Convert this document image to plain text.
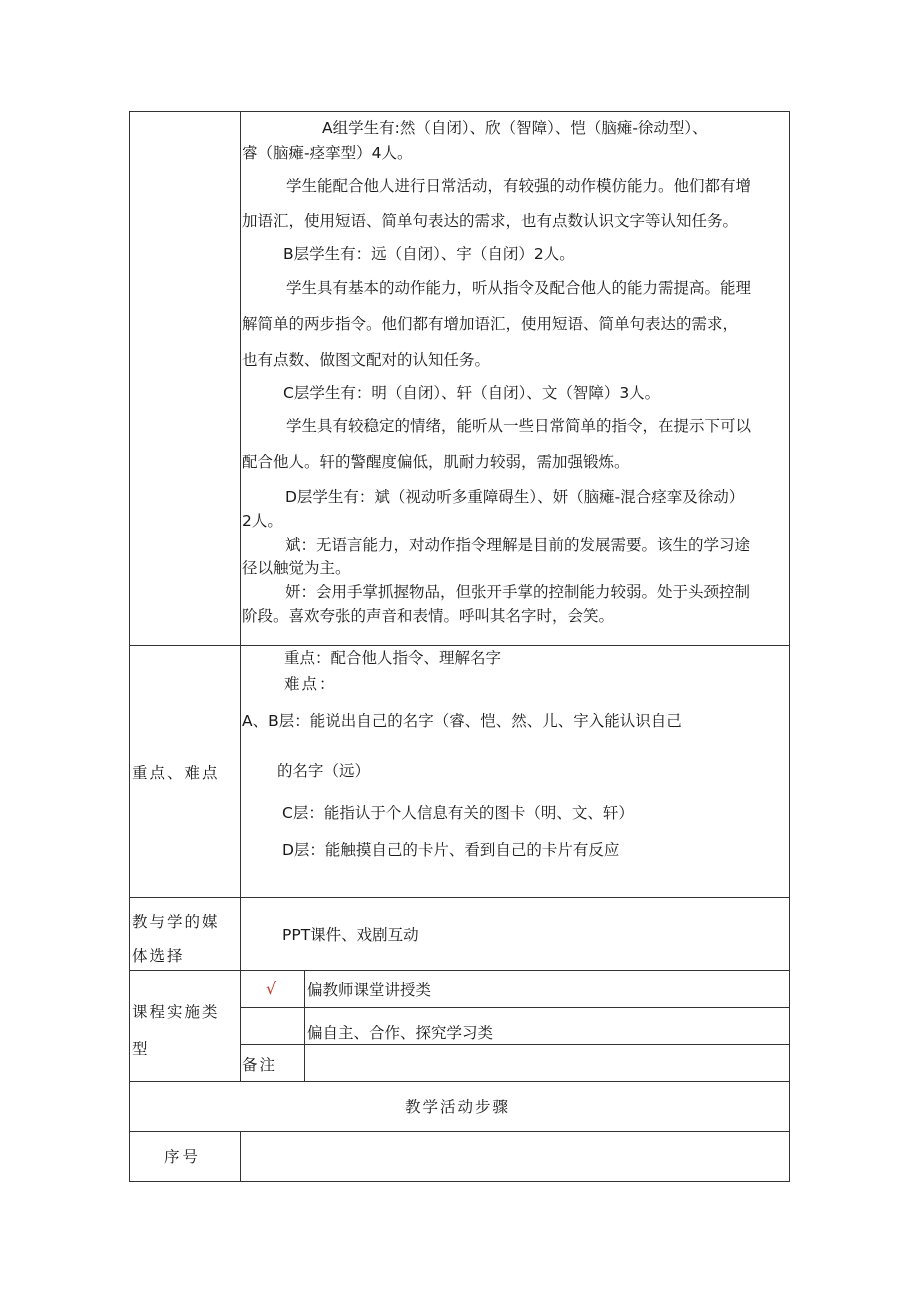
A组学生有:然（自闭）、欣（智障）、恺（脑瘫-徐动型）、
睿（脑瘫-痉挛型）4人。
学生能配合他人进行日常活动，有较强的动作模仿能力。他们都有增
加语汇，使用短语、简单句表达的需求，也有点数认识文字等认知任务。
B层学生有：远（自闭）、宇（自闭）2人。
学生具有基本的动作能力，听从指令及配合他人的能力需提高。能理
解简单的两步指令。他们都有增加语汇，使用短语、简单句表达的需求，
也有点数、做图文配对的认知任务。
C层学生有：明（自闭）、轩（自闭）、文（智障）3人。
学生具有较稳定的情绪，能听从一些日常简单的指令，在提示下可以
配合他人。轩的警醒度偏低，肌耐力较弱，需加强锻炼。
D层学生有：斌（视动听多重障碍生）、妍（脑瘫-混合痉挛及徐动）
2人。
斌：无语言能力，对动作指令理解是目前的发展需要。该生的学习途
径以触觉为主。
妍：会用手掌抓握物品，但张开手掌的控制能力较弱。处于头颈控制
阶段。喜欢夸张的声音和表情。呼叫其名字时，会笑。
重点、难点
重点：配合他人指令、理解名字
难点：
A、B层：能说出自己的名字（睿、恺、然、儿、宇入能认识自己
的名字（远）
C层：能指认于个人信息有关的图卡（明、文、轩）
D层：能触摸自己的卡片、看到自己的卡片有反应
教与学的媒
体选择
PPT课件、戏剧互动
课程实施类
型
√ 偏教师课堂讲授类
偏自主、合作、探究学习类
备注
教学活动步骤
序号
